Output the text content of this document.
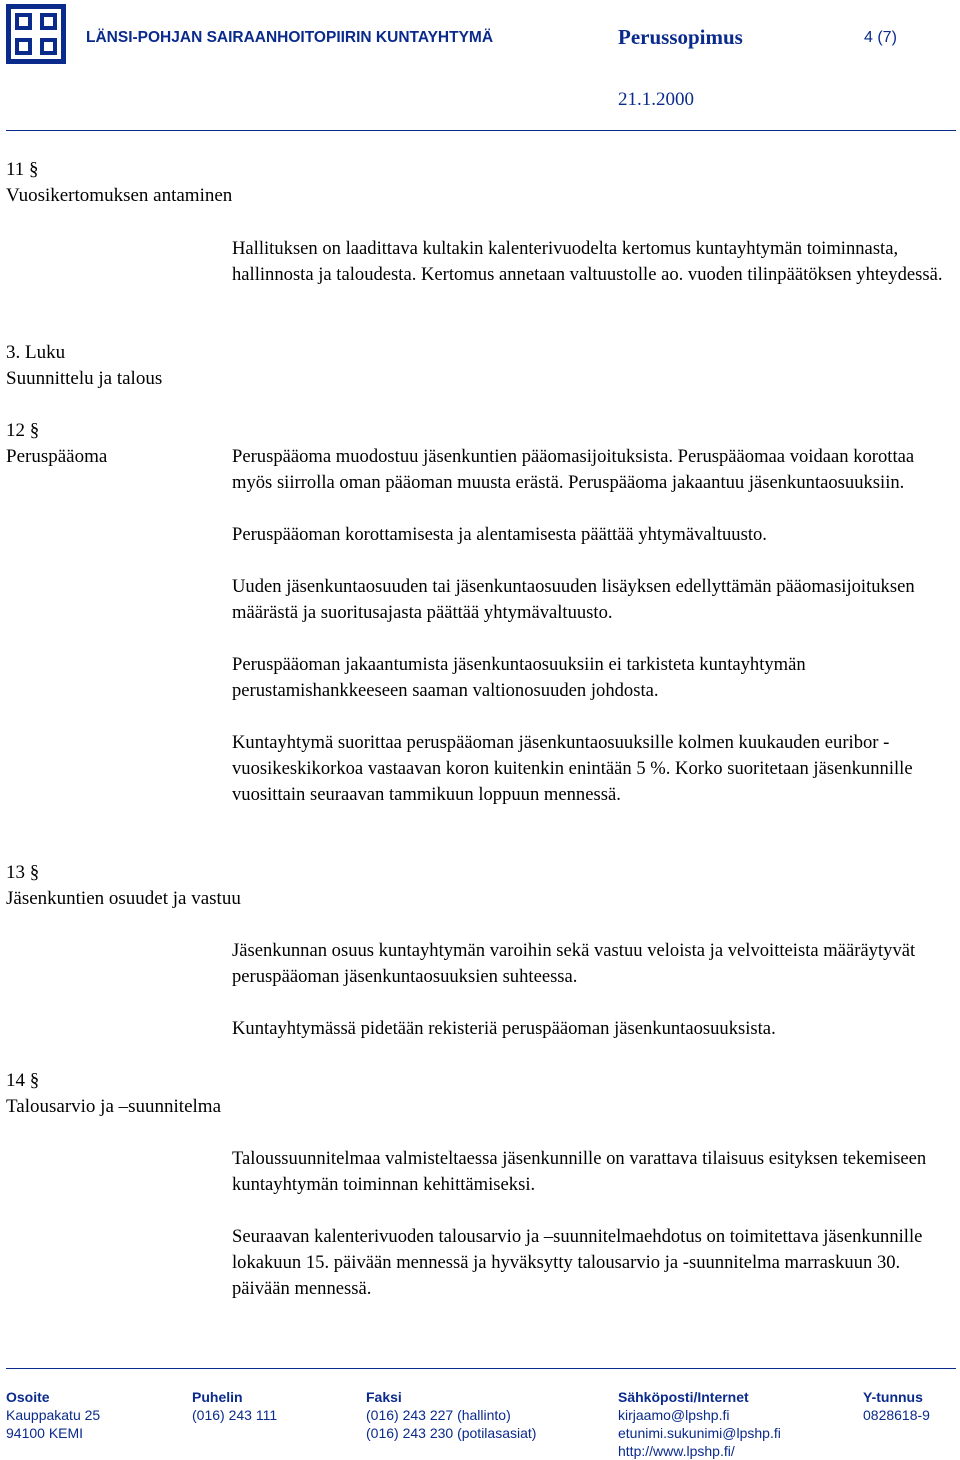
LÄNSI-POHJAN SAIRAANHOITOPIIRIN KUNTAYHTYMÄ	Perussopimus	4 (7)
21.1.2000
11 §
Vuosikertomuksen antaminen

Hallituksen on laadittava kultakin kalenterivuodelta kertomus kuntayhtymän toiminnasta, hallinnosta ja taloudesta. Kertomus annetaan valtuustolle ao. vuoden tilinpäätöksen yhteydessä.

3. Luku
Suunnittelu ja talous
12 §
Peruspääoma	Peruspääoma muodostuu jäsenkuntien pääomasijoituksista. Peruspääomaa voidaan korottaa myös siirrolla oman pääoman muusta erästä. Peruspääoma jakaantuu jäsenkuntaosuuksiin.

Peruspääoman korottamisesta ja alentamisesta päättää yhtymävaltuusto.

Uuden jäsenkuntaosuuden tai jäsenkuntaosuuden lisäyksen edellyttämän pääomasijoituksen määrästä ja suoritusajasta päättää yhtymävaltuusto.

Peruspääoman jakaantumista jäsenkuntaosuuksiin ei tarkisteta kuntayhtymän perustamishankkeeseen saaman valtionosuuden johdosta.

Kuntayhtymä suorittaa peruspääoman jäsenkuntaosuuksille kolmen kuukauden euribor -vuosikeskikorkoa vastaavan koron kuitenkin enintään 5 %. Korko suoritetaan jäsenkunnille vuosittain seuraavan tammikuun loppuun mennessä.

13 §
Jäsenkuntien osuudet ja vastuu

Jäsenkunnan osuus kuntayhtymän varoihin sekä vastuu veloista ja velvoitteista määräytyvät peruspääoman jäsenkuntaosuuksien suhteessa.

Kuntayhtymässä pidetään rekisteriä peruspääoman jäsenkuntaosuuksista.

14 §
Talousarvio ja –suunnitelma

Taloussuunnitelmaa valmisteltaessa jäsenkunnille on varattava tilaisuus esityksen tekemiseen kuntayhtymän toiminnan kehittämiseksi.

Seuraavan kalenterivuoden talousarvio ja –suunnitelmaehdotus on toimitettava jäsenkunnille lokakuun 15. päivään mennessä ja hyväksytty talousarvio ja -suunnitelma marraskuun 30. päivään mennessä.

Osoite
Kauppakatu 25
94100 KEMI
Puhelin
(016) 243 111
Faksi
(016) 243 227 (hallinto)
(016) 243 230 (potilasasiat)
Sähköposti/Internet
kirjaamo@lpshp.fi
etunimi.sukunimi@lpshp.fi
http://www.lpshp.fi/
Y-tunnus
0828618-9
